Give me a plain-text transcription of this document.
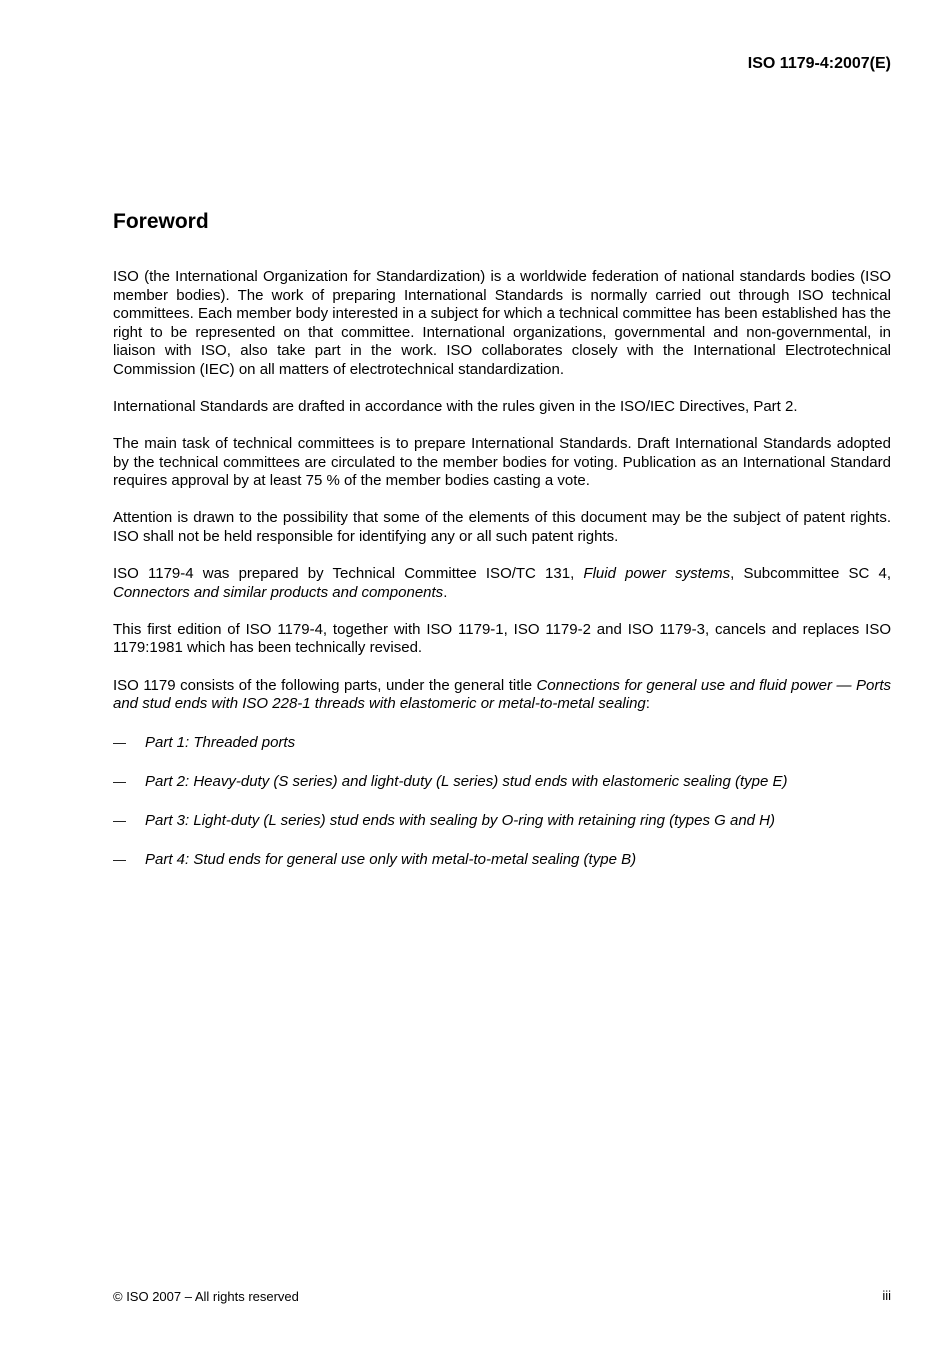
ISO 1179-4:2007(E)
Foreword
ISO (the International Organization for Standardization) is a worldwide federation of national standards bodies (ISO member bodies). The work of preparing International Standards is normally carried out through ISO technical committees. Each member body interested in a subject for which a technical committee has been established has the right to be represented on that committee. International organizations, governmental and non-governmental, in liaison with ISO, also take part in the work. ISO collaborates closely with the International Electrotechnical Commission (IEC) on all matters of electrotechnical standardization.
International Standards are drafted in accordance with the rules given in the ISO/IEC Directives, Part 2.
The main task of technical committees is to prepare International Standards. Draft International Standards adopted by the technical committees are circulated to the member bodies for voting. Publication as an International Standard requires approval by at least 75 % of the member bodies casting a vote.
Attention is drawn to the possibility that some of the elements of this document may be the subject of patent rights. ISO shall not be held responsible for identifying any or all such patent rights.
ISO 1179-4 was prepared by Technical Committee ISO/TC 131, Fluid power systems, Subcommittee SC 4, Connectors and similar products and components.
This first edition of ISO 1179-4, together with ISO 1179-1, ISO 1179-2 and ISO 1179-3, cancels and replaces ISO 1179:1981 which has been technically revised.
ISO 1179 consists of the following parts, under the general title Connections for general use and fluid power — Ports and stud ends with ISO 228-1 threads with elastomeric or metal-to-metal sealing:
—	Part 1: Threaded ports
—	Part 2: Heavy-duty (S series) and light-duty (L series) stud ends with elastomeric sealing (type E)
—	Part 3: Light-duty (L series) stud ends with sealing by O-ring with retaining ring (types G and H)
—	Part 4: Stud ends for general use only with metal-to-metal sealing (type B)
© ISO 2007 – All rights reserved	iii
